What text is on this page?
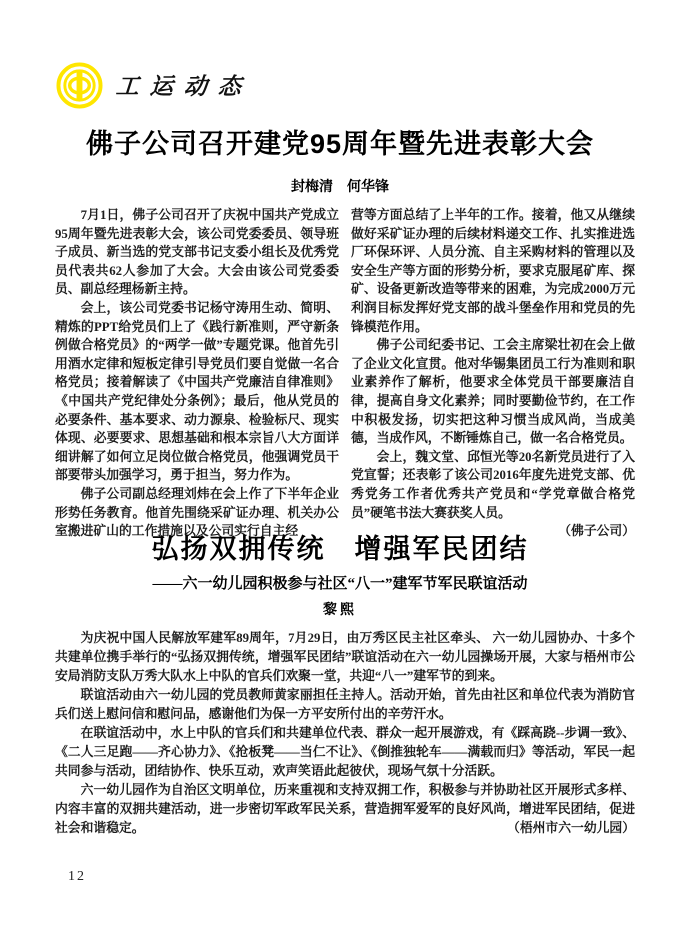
工运动态
佛子公司召开建党95周年暨先进表彰大会
封梅清　何华锋

7月1日，佛子公司召开了庆祝中国共产党成立95周年暨先进表彰大会，该公司党委委员、领导班子成员、新当选的党支部书记支委小组长及优秀党员代表共62人参加了大会。大会由该公司党委委员、副总经理杨新主持。

会上，该公司党委书记杨守涛用生动、简明、精炼的PPT给党员们上了《践行新准则，严守新条例做合格党员》的“两学一做”专题党课。他首先引用酒水定律和短板定律引导党员们要自觉做一名合格党员；接着解读了《中国共产党廉洁自律准则》《中国共产党纪律处分条例》；最后，他从党员的必要条件、基本要求、动力源泉、检验标尺、现实体现、必要要求、思想基础和根本宗旨八大方面详细讲解了如何立足岗位做合格党员，他强调党员干部要带头加强学习，勇于担当，努力作为。

佛子公司副总经理刘炜在会上作了下半年企业形势任务教育。他首先围绕采矿证办理、机关办公室搬进矿山的工作措施以及公司实行自主经

营等方面总结了上半年的工作。接着，他又从继续做好采矿证办理的后续材料递交工作、扎实推进选厂环保环评、人员分流、自主采购材料的管理以及安全生产等方面的形势分析，要求克服尾矿库、探矿、设备更新改造等带来的困难，为完成2000万元利润目标发挥好党支部的战斗堡垒作用和党员的先锋模范作用。

佛子公司纪委书记、工会主席梁壮初在会上做了企业文化宣贯。他对华锡集团员工行为准则和职业素养作了解析，他要求全体党员干部要廉洁自律，提高自身文化素养；同时要勤俭节约，在工作中积极发扬，切实把这种习惯当成风尚，当成美德，当成作风，不断锤炼自己，做一名合格党员。

会上，魏文堂、邱恒光等20名新党员进行了入党宣誓；还表彰了该公司2016年度先进党支部、优秀党务工作者优秀共产党员和“学党章做合格党员”硬笔书法大赛获奖人员。

（佛子公司）

弘扬双拥传统　增强军民团结
——六一幼儿园积极参与社区“八一”建军节军民联谊活动
黎熙

为庆祝中国人民解放军建军89周年，7月29日，由万秀区民主社区牵头、 六一幼儿园协办、十多个共建单位携手举行的“弘扬双拥传统，增强军民团结”联谊活动在六一幼儿园操场开展，大家与梧州市公安局消防支队万秀大队水上中队的官兵们欢聚一堂，共迎“八一”建军节的到来。

联谊活动由六一幼儿园的党员教师黄家丽担任主持人。活动开始，首先由社区和单位代表为消防官兵们送上慰问信和慰问品，感谢他们为保一方平安所付出的辛劳汗水。

在联谊活动中，水上中队的官兵们和共建单位代表、群众一起开展游戏，有《踩高跷--步调一致》、《二人三足跑——齐心协力》、《抢板凳——当仁不让》、《倒推独轮车——满载而归》等活动，军民一起共同参与活动，团结协作、快乐互动，欢声笑语此起彼伏，现场气氛十分活跃。

六一幼儿园作为自治区文明单位，历来重视和支持双拥工作，积极参与并协助社区开展形式多样、内容丰富的双拥共建活动，进一步密切军政军民关系，营造拥军爱军的良好风尚，增进军民团结，促进社会和谐稳定。	（梧州市六一幼儿园）

12
